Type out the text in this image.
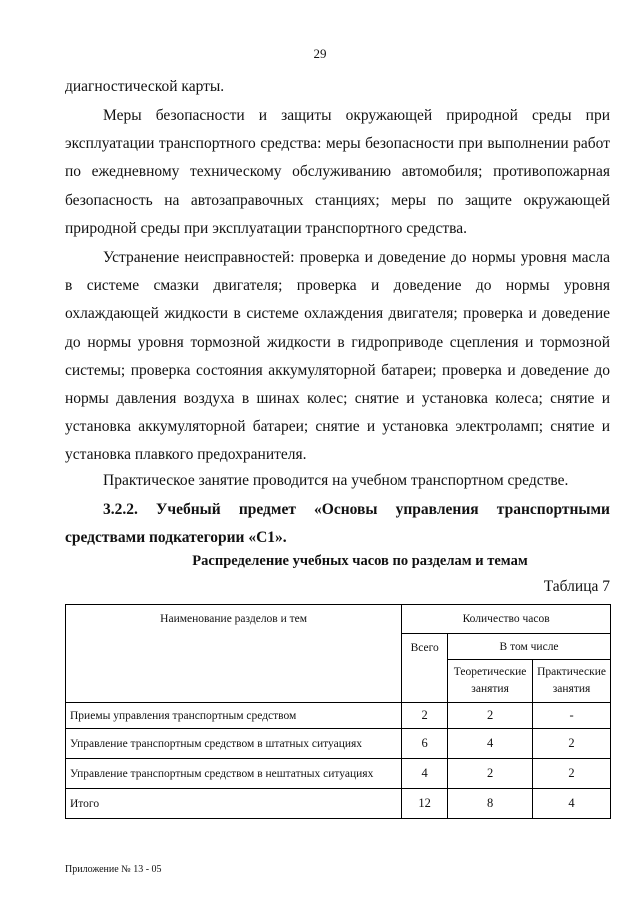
29

диагностической карты.

Меры безопасности и защиты окружающей природной среды при эксплуатации транспортного средства: меры безопасности при выполнении работ по ежедневному техническому обслуживанию автомобиля; противопожарная безопасность на автозаправочных станциях; меры по защите окружающей природной среды при эксплуатации транспортного средства.

Устранение неисправностей: проверка и доведение до нормы уровня масла в системе смазки двигателя; проверка и доведение до нормы уровня охлаждающей жидкости в системе охлаждения двигателя; проверка и доведение до нормы уровня тормозной жидкости в гидроприводе сцепления и тормозной системы; проверка состояния аккумуляторной батареи; проверка и доведение до нормы давления воздуха в шинах колес; снятие и установка колеса; снятие и установка аккумуляторной батареи; снятие и установка электроламп; снятие и установка плавкого предохранителя.

Практическое занятие проводится на учебном транспортном средстве.

3.2.2. Учебный предмет «Основы управления транспортными средствами подкатегории «С1».

Распределение учебных часов по разделам и темам
Таблица 7
Наименование разделов и тем	Количество часов		
	Всего	В том числе	
		Теоретические занятия	Практические занятия
Приемы управления транспортным средством	2	2	-
Управление транспортным средством в штатных ситуациях	6	4	2
Управление транспортным средством в нештатных ситуациях	4	2	2
Итого	12	8	4
Приложение № 13 - 05
